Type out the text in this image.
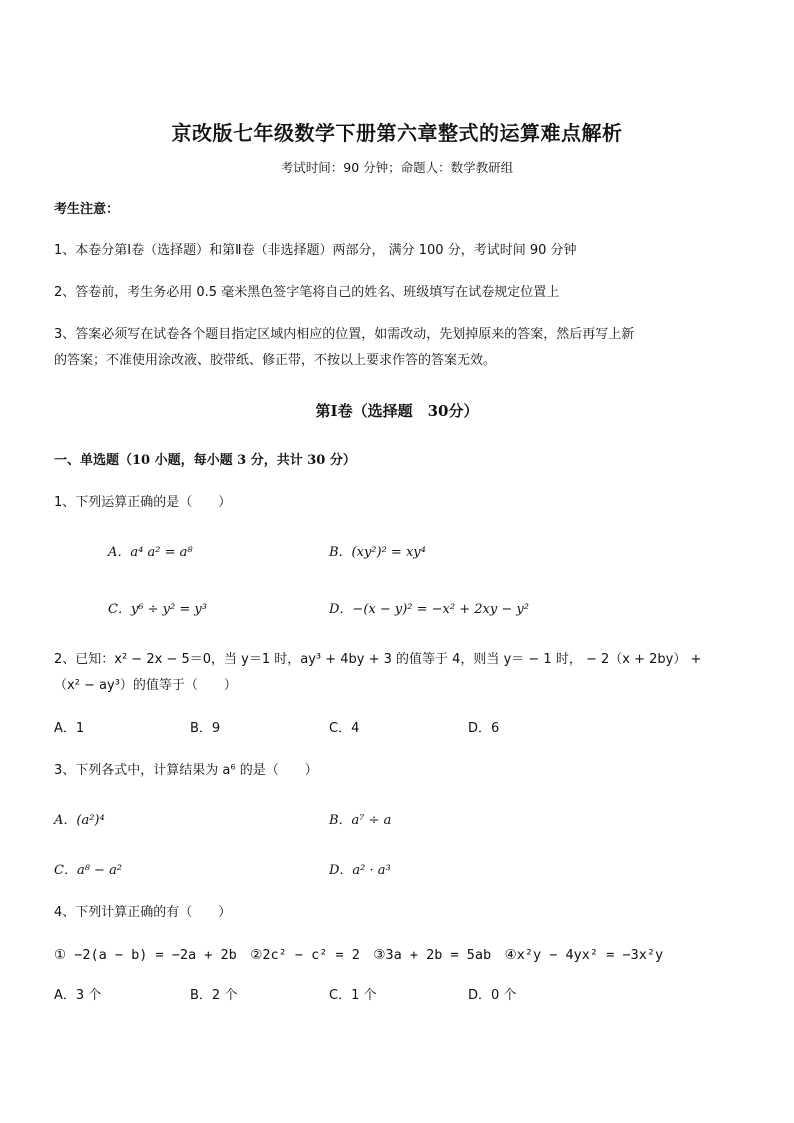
京改版七年级数学下册第六章整式的运算难点解析
考试时间：90 分钟；命题人：数学教研组
考生注意：
1、本卷分第Ⅰ卷（选择题）和第Ⅱ卷（非选择题）两部分， 满分 100 分，考试时间 90 分钟
2、答卷前，考生务必用 0.5 毫米黑色签字笔将自己的姓名、班级填写在试卷规定位置上
3、答案必须写在试卷各个题目指定区域内相应的位置，如需改动，先划掉原来的答案，然后再写上新
的答案；不准使用涂改液、胶带纸、修正带，不按以上要求作答的答案无效。
第Ⅰ卷（选择题　30分）
一、单选题（10 小题，每小题 3 分，共计 30 分）
1、下列运算正确的是（　　）
A．a⁴ a² = a⁸	B．(xy²)² = xy⁴
C．y⁶ ÷ y² = y³	D．−(x − y)² = −x² + 2xy − y²
2、已知：x² − 2x − 5＝0，当 y＝1 时，ay³ + 4by + 3 的值等于 4，则当 y＝ − 1 时， − 2（x + 2by） +
（x² − ay³）的值等于（　　）
A．1	B．9	C．4	D．6
3、下列各式中，计算结果为 a⁶ 的是（　　）
A．(a²)⁴	B．a⁷ ÷ a
C．a⁸ − a²	D．a² · a³
4、下列计算正确的有（　　）
① −2(a − b) = −2a + 2b　②2c² − c² = 2　③3a + 2b = 5ab　④x²y − 4yx² = −3x²y
A．3 个	B．2 个	C．1 个	D．0 个
